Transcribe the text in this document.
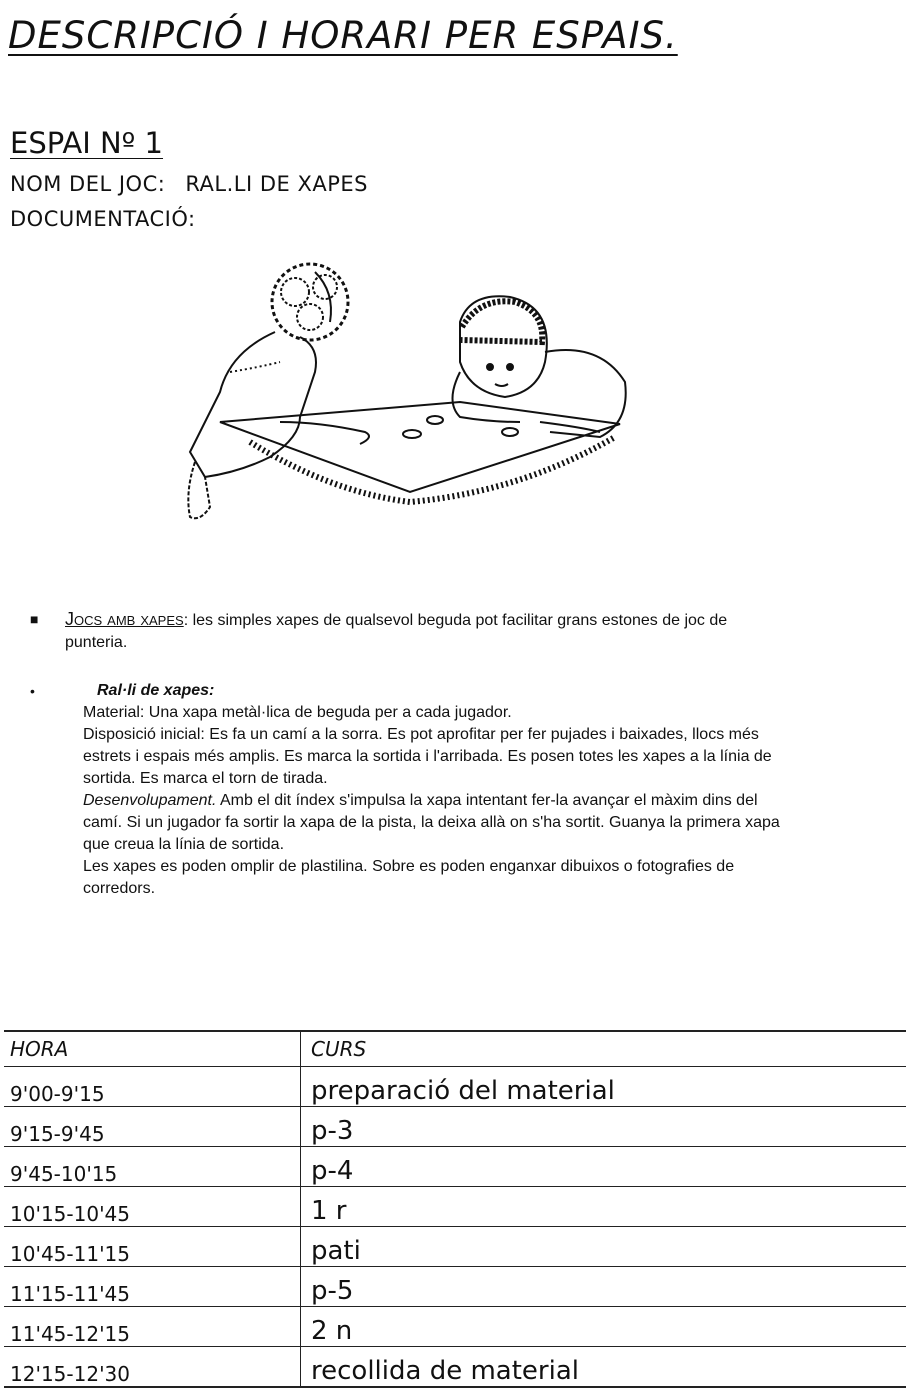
DESCRIPCIÓ I HORARI PER ESPAIS.
ESPAI Nº 1
NOM DEL JOC: RAL.LI DE XAPES
DOCUMENTACIÓ:
■ Jocs amb xapes: les simples xapes de qualsevol beguda pot facilitar grans estones de joc de punteria.
•	Ral·li de xapes:

Material: Una xapa metàl·lica de beguda per a cada jugador.

Disposició inicial: Es fa un camí a la sorra. Es pot aprofitar per fer pujades i baixades, llocs més estrets i espais més amplis. Es marca la sortida i l'arribada. Es posen totes les xapes a la línia de sortida. Es marca el torn de tirada.

Desenvolupament. Amb el dit índex s'impulsa la xapa intentant fer-la avançar el màxim dins del camí. Si un jugador fa sortir la xapa de la pista, la deixa allà on s'ha sortit. Guanya la primera xapa que creua la línia de sortida.

Les xapes es poden omplir de plastilina. Sobre es poden enganxar dibuixos o fotografies de corredors.

HORA	CURS
9'00-9'15	preparació del material
9'15-9'45	p-3
9'45-10'15	p-4
10'15-10'45	1 r
10'45-11'15	pati
11'15-11'45	p-5
11'45-12'15	2 n
12'15-12'30	recollida de material
